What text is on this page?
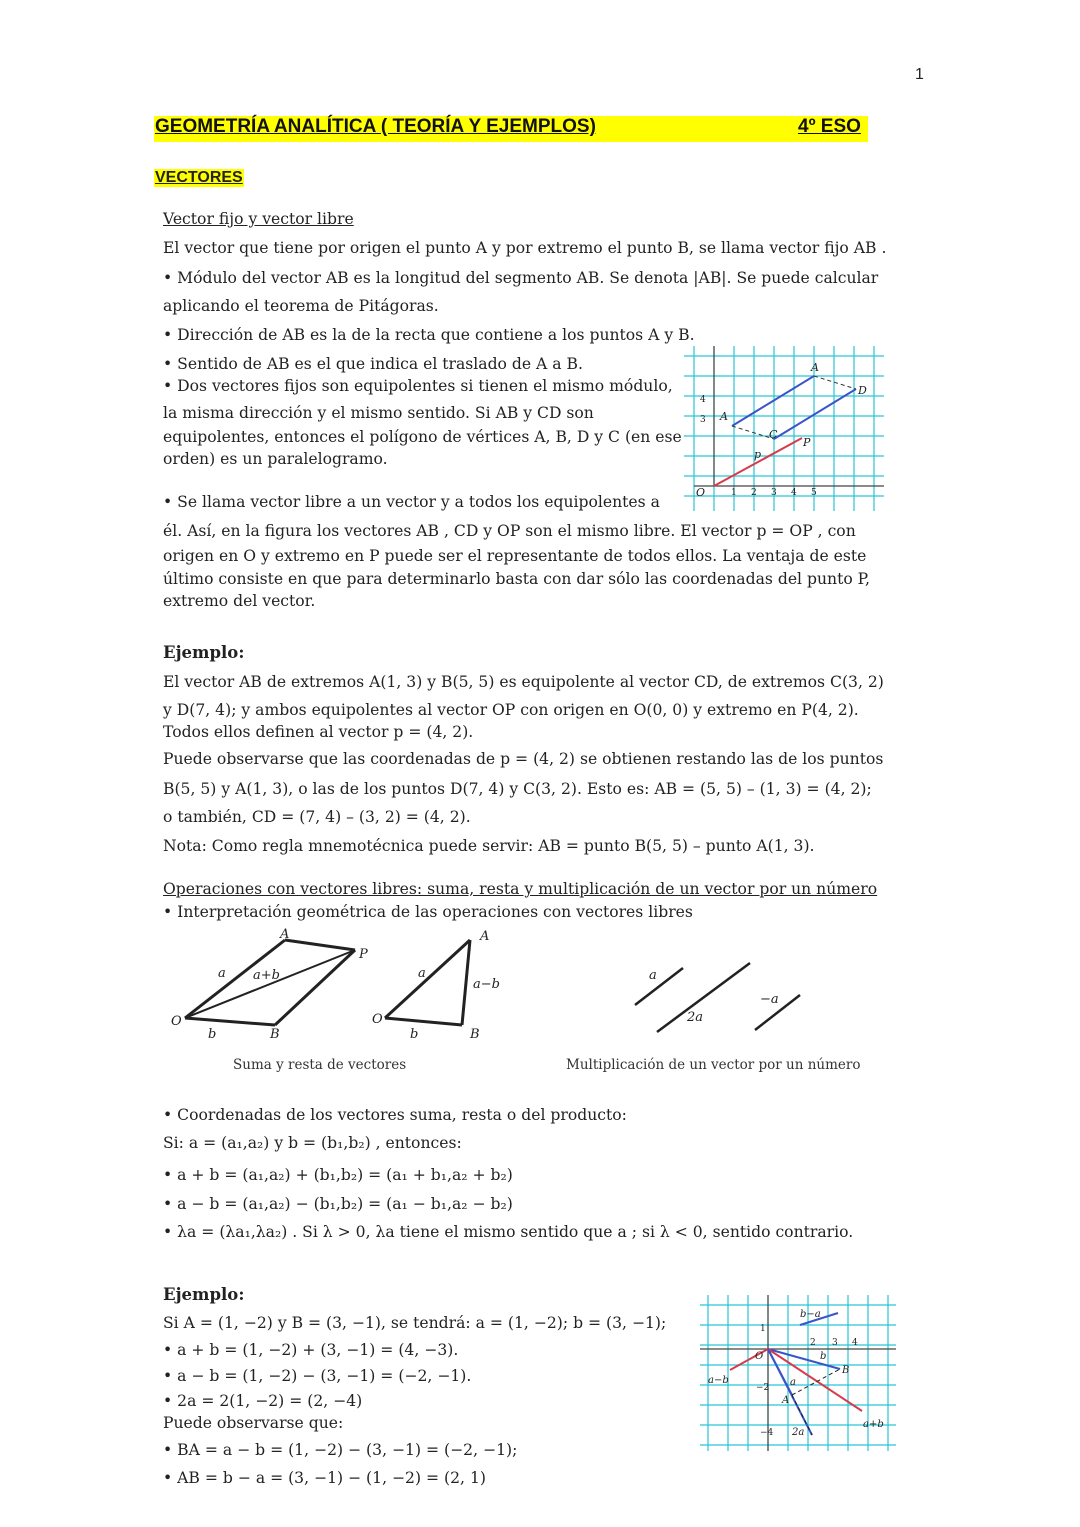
1
GEOMETRÍA ANALÍTICA ( TEORÍA Y EJEMPLOS)	4º ESO
VECTORES
Vector fijo y vector libre
El vector que tiene por origen el punto A y por extremo el punto B, se llama vector fijo AB .
• Módulo del vector AB es la longitud del segmento AB. Se denota |AB|. Se puede calcular
aplicando el teorema de Pitágoras.
• Dirección de AB es la de la recta que contiene a los puntos A y B.
• Sentido de AB es el que indica el traslado de A a B.
• Dos vectores fijos son equipolentes si tienen el mismo módulo,
la misma dirección y el mismo sentido. Si AB y CD son
equipolentes, entonces el polígono de vértices A, B, D y C (en ese
orden) es un paralelogramo.
• Se llama vector libre a un vector y a todos los equipolentes a
él. Así, en la figura los vectores AB , CD y OP son el mismo libre. El vector p = OP , con
origen en O y extremo en P puede ser el representante de todos ellos. La ventaja de este
último consiste en que para determinarlo basta con dar sólo las coordenadas del punto P,
extremo del vector.
A
A
C
D
P
p
O	1 2 3 4 5
4
3
Ejemplo:
El vector AB de extremos A(1, 3) y B(5, 5) es equipolente al vector CD, de extremos C(3, 2)
y D(7, 4); y ambos equipolentes al vector OP con origen en O(0, 0) y extremo en P(4, 2).
Todos ellos definen al vector p = (4, 2).
Puede observarse que las coordenadas de p = (4, 2) se obtienen restando las de los puntos
B(5, 5) y A(1, 3), o las de los puntos D(7, 4) y C(3, 2). Esto es: AB = (5, 5) – (1, 3) = (4, 2);
o también, CD = (7, 4) – (3, 2) = (4, 2).
Nota: Como regla mnemotécnica puede servir: AB = punto B(5, 5) – punto A(1, 3).
Operaciones con vectores libres: suma, resta y multiplicación de un vector por un número
• Interpretación geométrica de las operaciones con vectores libres
A
P
O
B
a a+b
b
A
O
B
a
a−b
b
a
2a
−a
Suma y resta de vectores	Multiplicación de un vector por un número
• Coordenadas de los vectores suma, resta o del producto:
Si: a = (a₁,a₂) y b = (b₁,b₂) , entonces:
• a + b = (a₁,a₂) + (b₁,b₂) = (a₁ + b₁,a₂ + b₂)
• a − b = (a₁,a₂) − (b₁,b₂) = (a₁ − b₁,a₂ − b₂)
• λa = (λa₁,λa₂) . Si λ > 0, λa tiene el mismo sentido que a ; si λ < 0, sentido contrario.
Ejemplo:
Si A = (1, −2) y B = (3, −1), se tendrá: a = (1, −2); b = (3, −1);
• a + b = (1, −2) + (3, −1) = (4, −3).
• a − b = (1, −2) − (3, −1) = (−2, −1).
• 2a = 2(1, −2) = (2, −4)
Puede observarse que:
• BA = a − b = (1, −2) − (3, −1) = (−2, −1);
• AB = b − a = (3, −1) − (1, −2) = (2, 1)
b−a
O	b
B
a
A
a−b
2a
a+b
1
2 3 4
−2
−4
